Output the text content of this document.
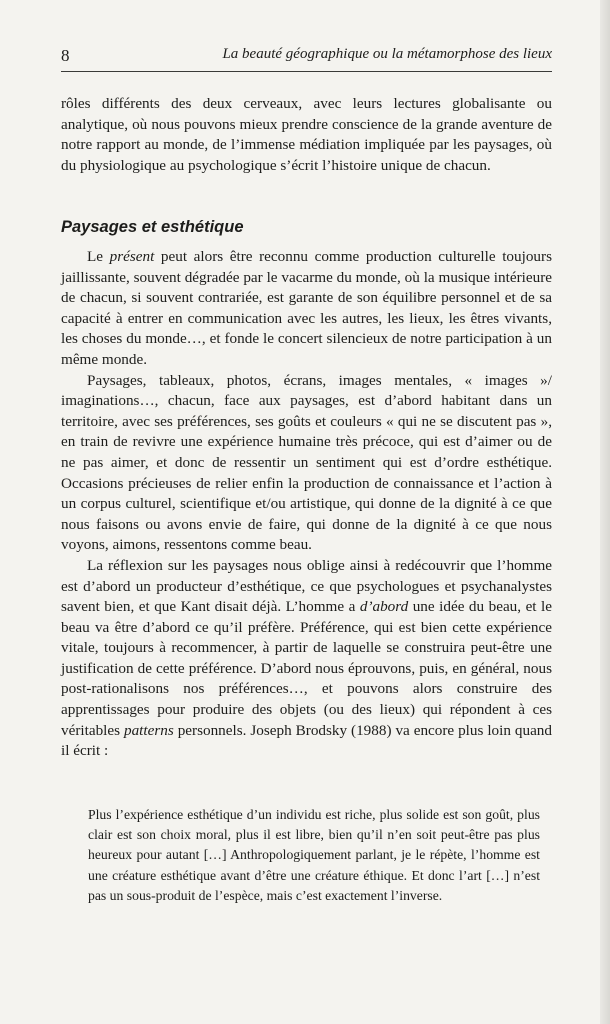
8	La beauté géographique ou la métamorphose des lieux

rôles différents des deux cerveaux, avec leurs lectures globalisante ou analytique, où nous pouvons mieux prendre conscience de la grande aventure de notre rapport au monde, de l’immense médiation impliquée par les paysages, où du physiologique au psychologique s’écrit l’histoire unique de chacun.

Paysages et esthétique

Le présent peut alors être reconnu comme production culturelle toujours jaillissante, souvent dégradée par le vacarme du monde, où la musique intérieure de chacun, si souvent contrariée, est garante de son équilibre personnel et de sa capacité à entrer en communication avec les autres, les lieux, les êtres vivants, les choses du monde…, et fonde le concert silencieux de notre participation à un même monde.

Paysages, tableaux, photos, écrans, images mentales, « images »/ imaginations…, chacun, face aux paysages, est d’abord habitant dans un territoire, avec ses préférences, ses goûts et couleurs « qui ne se discutent pas », en train de revivre une expérience humaine très précoce, qui est d’aimer ou de ne pas aimer, et donc de ressentir un sentiment qui est d’ordre esthétique. Occasions précieuses de relier enfin la production de connaissance et l’action à un corpus culturel, scientifique et/ou artistique, qui donne de la dignité à ce que nous faisons ou avons envie de faire, qui donne de la dignité à ce que nous voyons, aimons, ressentons comme beau.

La réflexion sur les paysages nous oblige ainsi à redécouvrir que l’homme est d’abord un producteur d’esthétique, ce que psychologues et psychanalystes savent bien, et que Kant disait déjà. L’homme a d’abord une idée du beau, et le beau va être d’abord ce qu’il préfère. Préférence, qui est bien cette expérience vitale, toujours à recommencer, à partir de laquelle se construira peut-être une justification de cette préférence. D’abord nous éprouvons, puis, en général, nous post-rationalisons nos préférences…, et pouvons alors construire des apprentissages pour produire des objets (ou des lieux) qui répondent à ces véritables patterns personnels. Joseph Brodsky (1988) va encore plus loin quand il écrit :

Plus l’expérience esthétique d’un individu est riche, plus solide est son goût, plus clair est son choix moral, plus il est libre, bien qu’il n’en soit peut-être pas plus heureux pour autant […] Anthropologiquement parlant, je le répète, l’homme est une créature esthétique avant d’être une créature éthique. Et donc l’art […] n’est pas un sous-produit de l’espèce, mais c’est exactement l’inverse.
